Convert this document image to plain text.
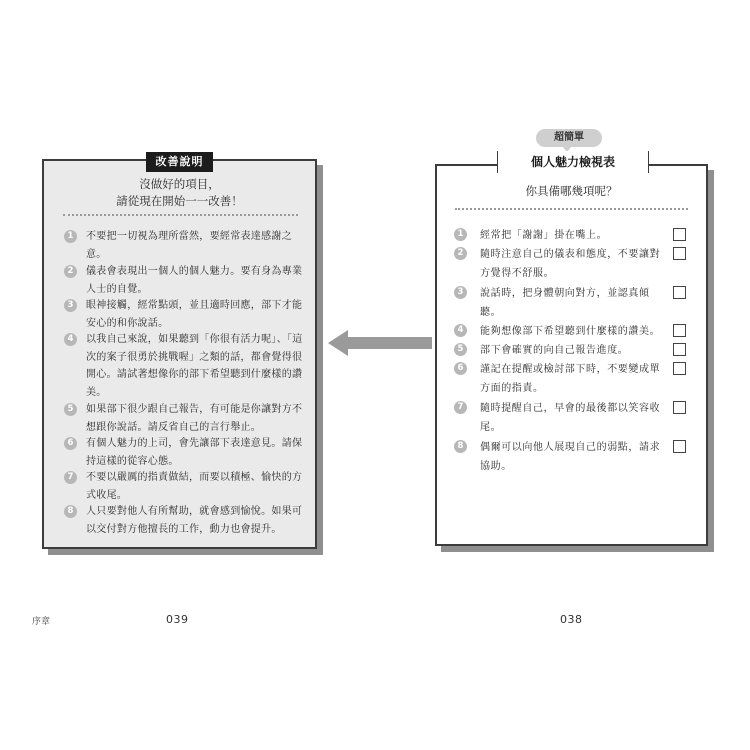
改善說明
沒做好的項目，
請從現在開始一一改善！
1	不要把一切視為理所當然，要經常表達感謝之意。
2	儀表會表現出一個人的個人魅力。要有身為專業人士的自覺。
3	眼神接觸，經常點頭，並且適時回應，部下才能安心的和你說話。
4	以我自己來說，如果聽到「你很有活力呢」、「這次的案子很勇於挑戰喔」之類的話，都會覺得很開心。請試著想像你的部下希望聽到什麼樣的讚美。
5	如果部下很少跟自己報告，有可能是你讓對方不想跟你說話。請反省自己的言行舉止。
6	有個人魅力的上司，會先讓部下表達意見。請保持這樣的從容心態。
7	不要以嚴厲的指責做結，而要以積極、愉快的方式收尾。
8	人只要對他人有所幫助，就會感到愉悅。如果可以交付對方他擅長的工作，動力也會提升。
超簡單
個人魅力檢視表
你具備哪幾項呢？
1	經常把「謝謝」掛在嘴上。
2	隨時注意自己的儀表和態度，不要讓對方覺得不舒服。
3	說話時，把身體朝向對方，並認真傾聽。
4	能夠想像部下希望聽到什麼樣的讚美。
5	部下會確實的向自己報告進度。
6	謹記在提醒或檢討部下時，不要變成單方面的指責。
7	隨時提醒自己，早會的最後都以笑容收尾。
8	偶爾可以向他人展現自己的弱點，請求協助。
序章	039	038
